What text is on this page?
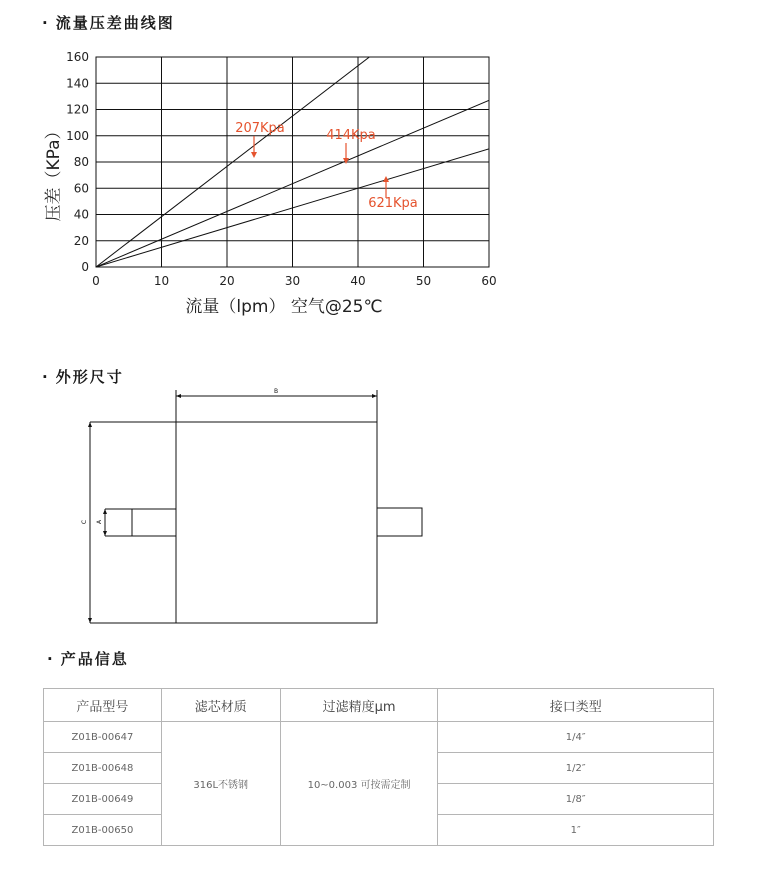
· 流量压差曲线图
0	10	20	30	40	50	60
0
20
40
60
80
100
120
140
160
207Kpa	414Kpa
621Kpa
流量（lpm） 空气@25℃
压差（KPa）
· 外形尺寸
B
C A
· 产品信息
产品型号	滤芯材质	过滤精度μm	接口类型
Z01B-00647	316L不锈钢	10~0.003 可按需定制	1/4″
Z01B-00648			1/2″
Z01B-00649			1/8″
Z01B-00650			1″
